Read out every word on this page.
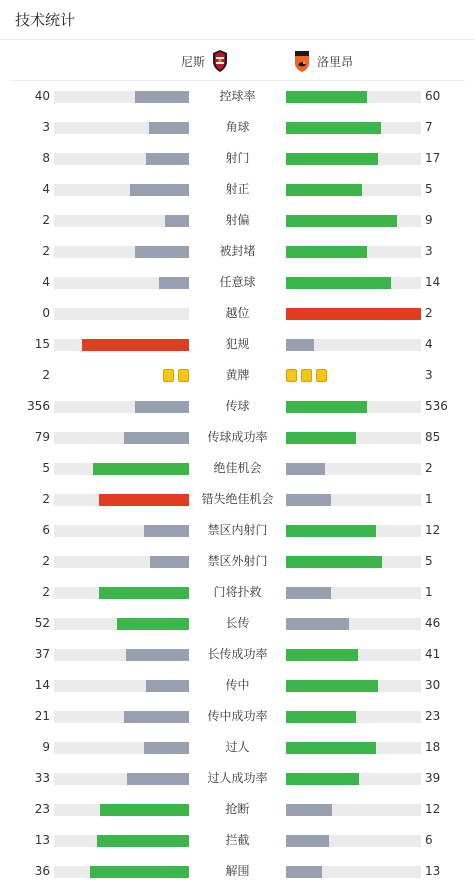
技术统计
尼斯	洛里昂
40	控球率	60
3	角球	7
8	射门	17
4	射正	5
2	射偏	9
2	被封堵	3
4	任意球	14
0	越位	2
15	犯规	4
2	黄牌	3
356	传球	536
79	传球成功率	85
5	绝佳机会	2
2	错失绝佳机会	1
6	禁区内射门	12
2	禁区外射门	5
2	门将扑救	1
52	长传	46
37	长传成功率	41
14	传中	30
21	传中成功率	23
9	过人	18
33	过人成功率	39
23	抢断	12
13	拦截	6
36	解围	13
